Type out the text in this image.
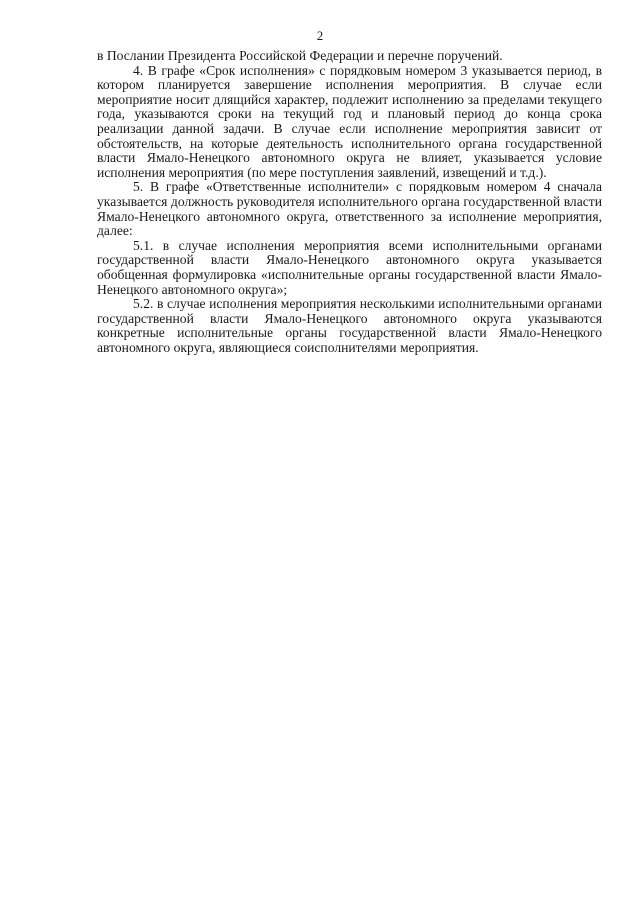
2

в Послании Президента Российской Федерации и перечне поручений.

4. В графе «Срок исполнения» с порядковым номером 3 указывается период, в котором планируется завершение исполнения мероприятия. В случае если мероприятие носит длящийся характер, подлежит исполнению за пределами текущего года, указываются сроки на текущий год и плановый период до конца срока реализации данной задачи. В случае если исполнение мероприятия зависит от обстоятельств, на которые деятельность исполнительного органа государственной власти Ямало-Ненецкого автономного округа не влияет, указывается условие исполнения мероприятия (по мере поступления заявлений, извещений и т.д.).

5. В графе «Ответственные исполнители» с порядковым номером 4 сначала указывается должность руководителя исполнительного органа государственной власти Ямало-Ненецкого автономного округа, ответственного за исполнение мероприятия, далее:

5.1. в случае исполнения мероприятия всеми исполнительными органами государственной власти Ямало-Ненецкого автономного округа указывается обобщенная формулировка «исполнительные органы государственной власти Ямало-Ненецкого автономного округа»;

5.2. в случае исполнения мероприятия несколькими исполнительными органами государственной власти Ямало-Ненецкого автономного округа указываются конкретные исполнительные органы государственной власти Ямало-Ненецкого автономного округа, являющиеся соисполнителями мероприятия.
